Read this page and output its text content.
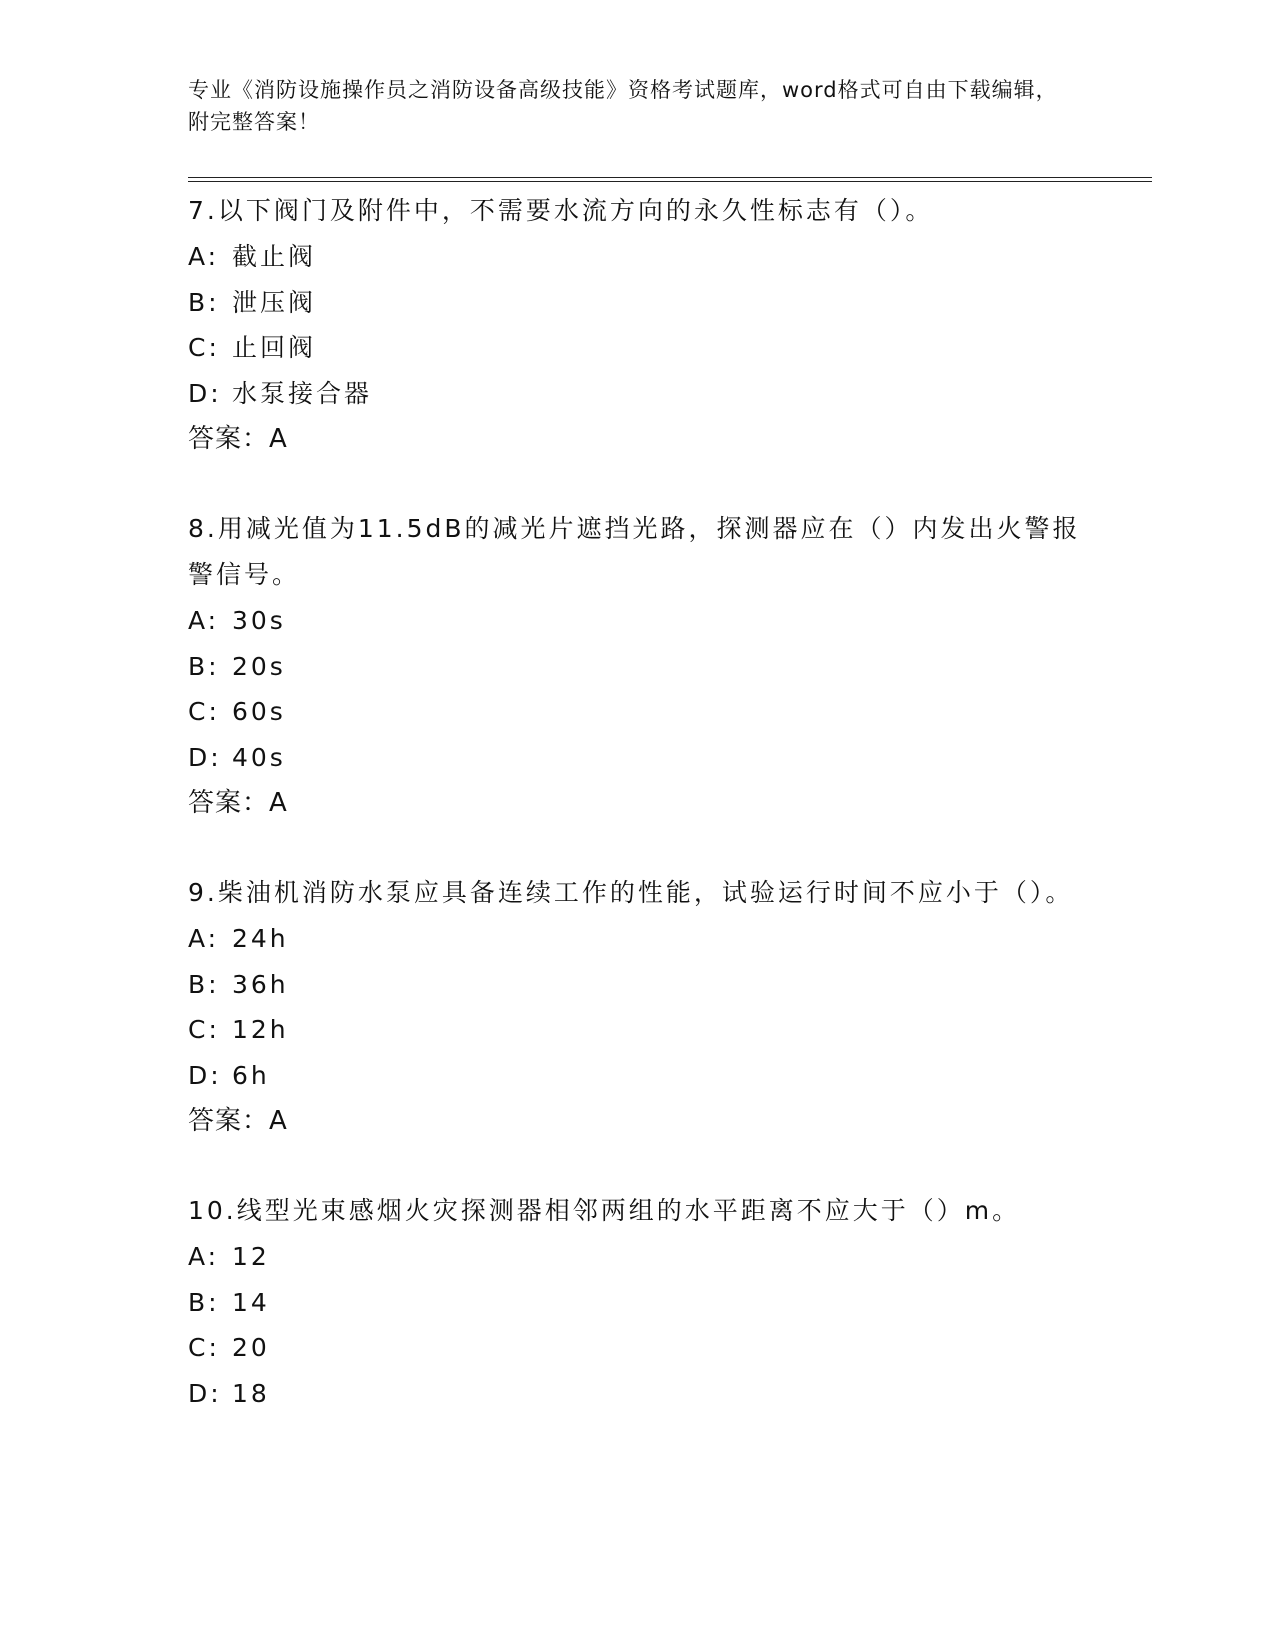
专业《消防设施操作员之消防设备高级技能》资格考试题库，word格式可自由下载编辑，附完整答案！

7.以下阀门及附件中，不需要水流方向的永久性标志有（）。

A: 截止阀

B: 泄压阀

C: 止回阀

D: 水泵接合器

答案：A

8.用减光值为11.5dB的减光片遮挡光路，探测器应在（）内发出火警报警信号。

A: 30s

B: 20s

C: 60s

D: 40s

答案：A

9.柴油机消防水泵应具备连续工作的性能，试验运行时间不应小于（）。

A: 24h

B: 36h

C: 12h

D: 6h

答案：A

10.线型光束感烟火灾探测器相邻两组的水平距离不应大于（）m。

A: 12

B: 14

C: 20

D: 18
